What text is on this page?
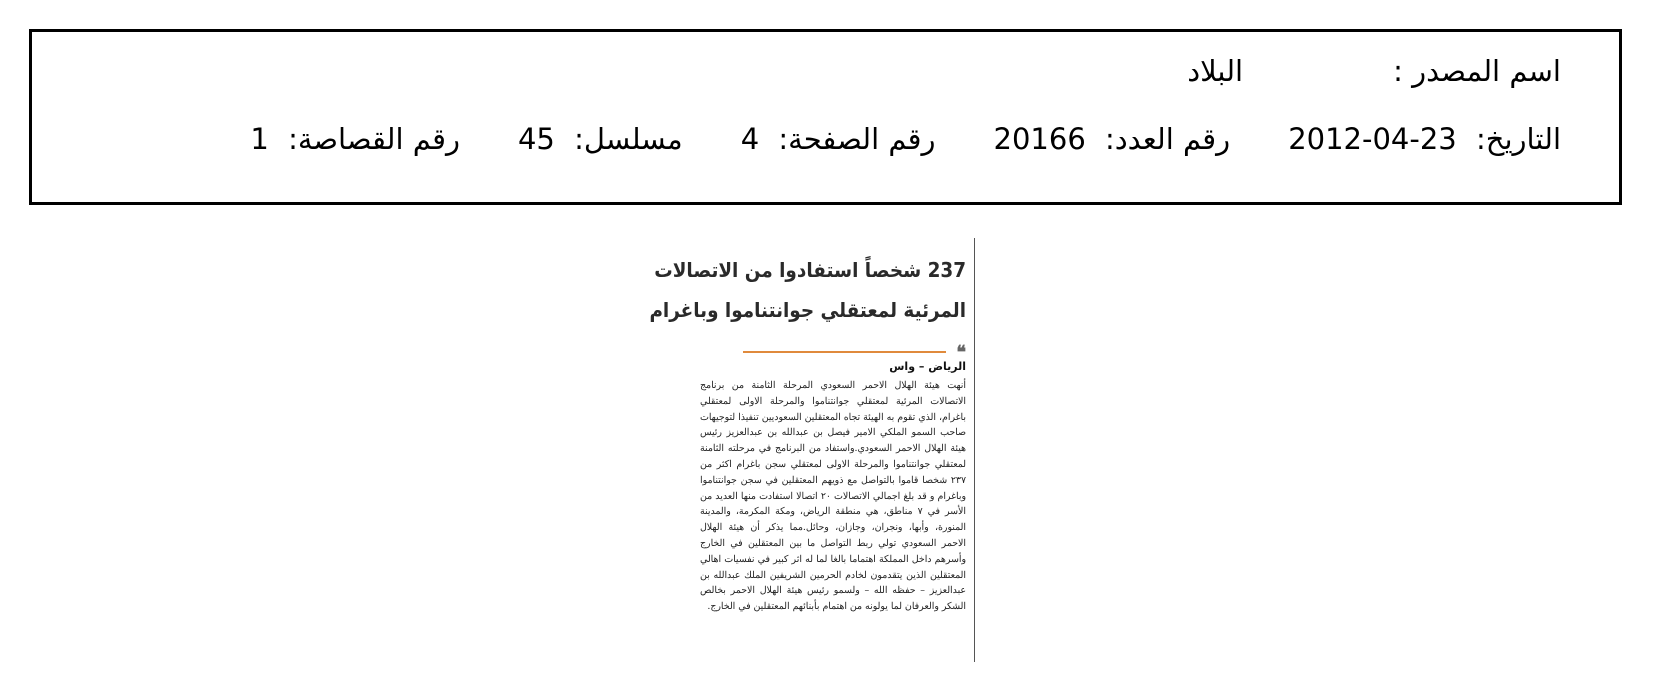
اسم المصدر :
البلاد
التاريخ: 2012-04-23
رقم العدد: 20166
رقم الصفحة: 4
مسلسل: 45
رقم القصاصة: 1
237 شخصاً استفادوا من الاتصالات
المرئية لمعتقلي جوانتناموا وباغرام
❝
الرياض – واس
أنهت هيئة الهلال الاحمر السعودي المرحلة الثامنة من برنامج الاتصالات المرئية لمعتقلي جوانتناموا والمرحلة الاولى لمعتقلي باغرام، الذي تقوم به الهيئة تجاه المعتقلين السعوديين تنفيذا لتوجيهات صاحب السمو الملكي الامير فيصل بن عبدالله بن عبدالعزيز رئيس هيئة الهلال الاحمر السعودي.واستفاد من البرنامج في مرحلته الثامنة لمعتقلي جوانتناموا والمرحلة الاولى لمعتقلي سجن باغرام اكثر من ٢٣٧ شخصا قاموا بالتواصل مع ذويهم المعتقلين في سجن جوانتناموا وباغرام و قد بلغ اجمالي الاتصالات ٢٠ اتصالا استفادت منها العديد من الأسر في ٧ مناطق، هي منطقة الرياض، ومكة المكرمة، والمدينة المنورة، وأبها، ونجران، وجازان، وحائل.مما يذكر أن هيئة الهلال الاحمر السعودي تولي ربط التواصل ما بين المعتقلين في الخارج وأسرهم داخل المملكة اهتماما بالغا لما له اثر كبير في نفسيات اهالي المعتقلين الذين يتقدمون لخادم الحرمين الشريفين الملك عبدالله بن عبدالعزيز – حفظه الله – ولسمو رئيس هيئة الهلال الاحمر بخالص الشكر والعرفان لما يولونه من اهتمام بأبنائهم المعتقلين في الخارج.
